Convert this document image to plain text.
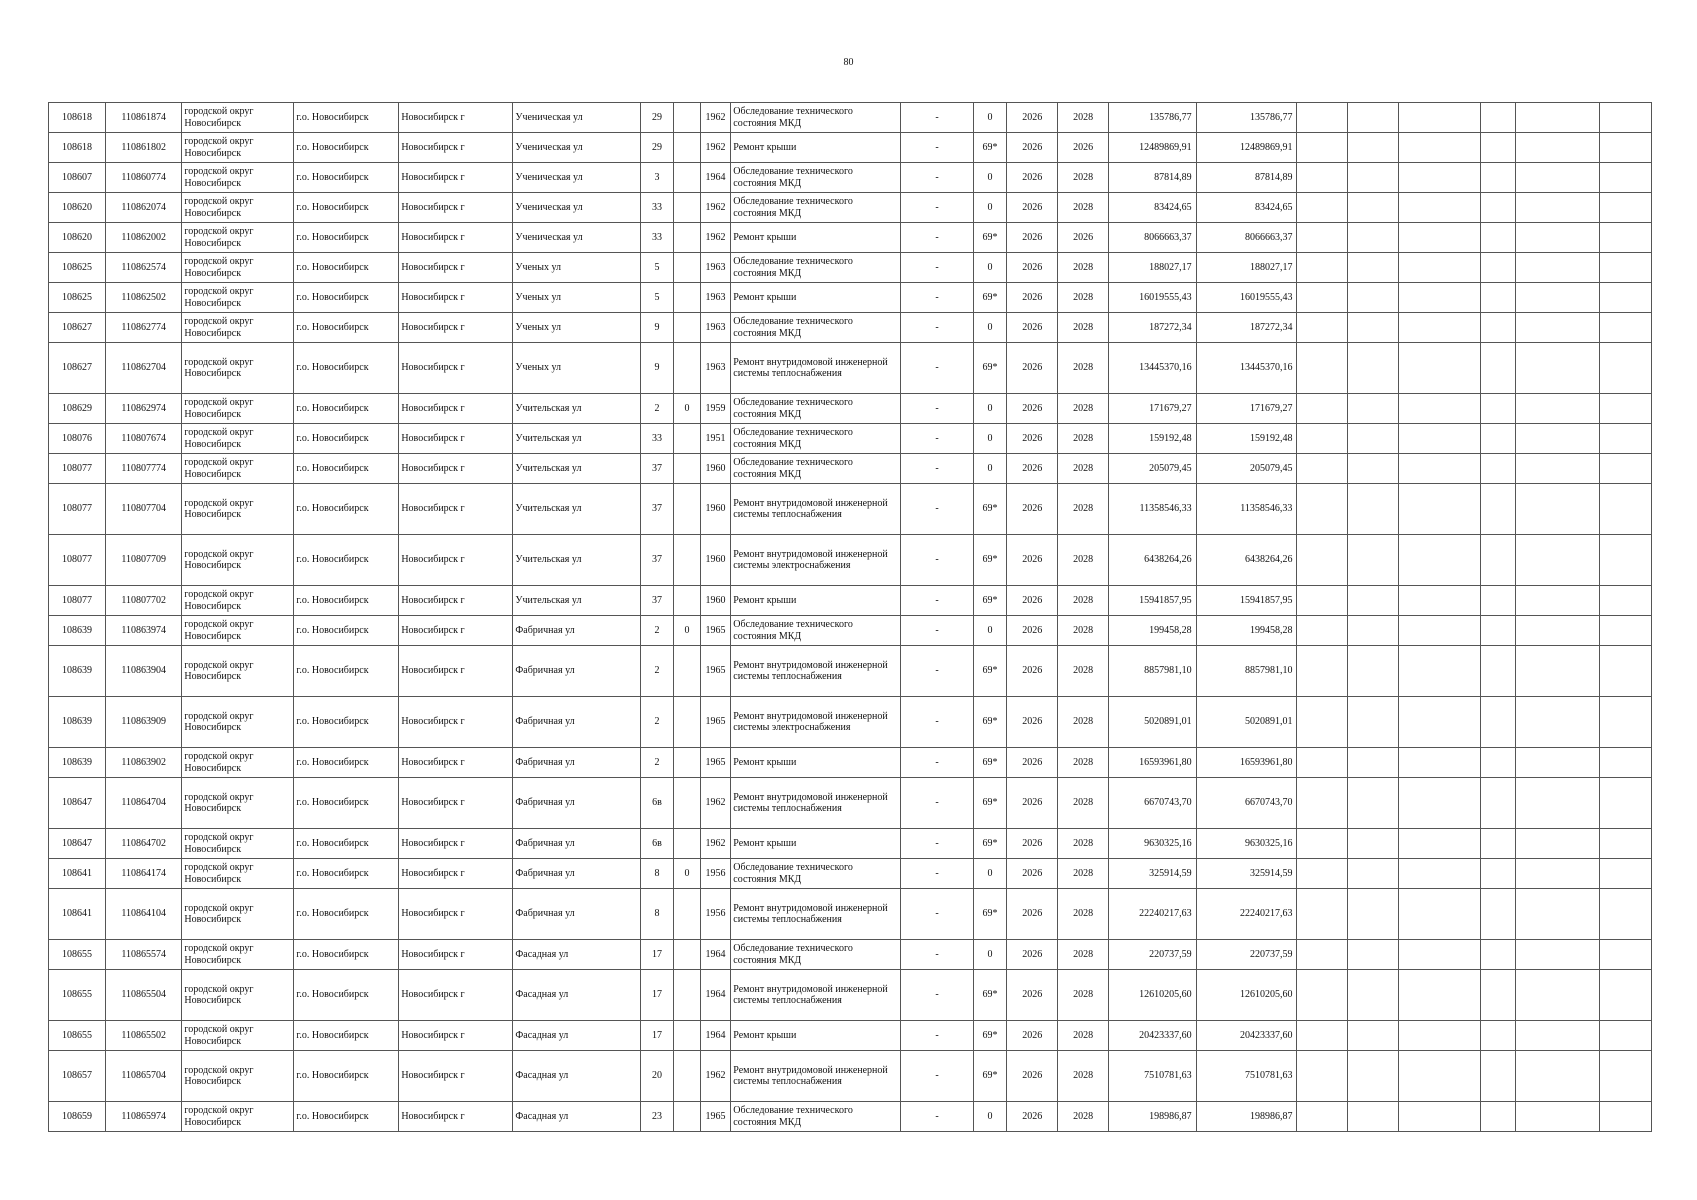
80
108618	110861874	городской округ Новосибирск	г.о. Новосибирск	Новосибирск г	Ученическая ул	29		1962	Обследование технического состояния МКД	-	0	2026	2028	135786,77	135786,77						
108618	110861802	городской округ Новосибирск	г.о. Новосибирск	Новосибирск г	Ученическая ул	29		1962	Ремонт крыши	-	69*	2026	2026	12489869,91	12489869,91						
108607	110860774	городской округ Новосибирск	г.о. Новосибирск	Новосибирск г	Ученическая ул	3		1964	Обследование технического состояния МКД	-	0	2026	2028	87814,89	87814,89						
108620	110862074	городской округ Новосибирск	г.о. Новосибирск	Новосибирск г	Ученическая ул	33		1962	Обследование технического состояния МКД	-	0	2026	2028	83424,65	83424,65						
108620	110862002	городской округ Новосибирск	г.о. Новосибирск	Новосибирск г	Ученическая ул	33		1962	Ремонт крыши	-	69*	2026	2026	8066663,37	8066663,37						
108625	110862574	городской округ Новосибирск	г.о. Новосибирск	Новосибирск г	Ученых ул	5		1963	Обследование технического состояния МКД	-	0	2026	2028	188027,17	188027,17						
108625	110862502	городской округ Новосибирск	г.о. Новосибирск	Новосибирск г	Ученых ул	5		1963	Ремонт крыши	-	69*	2026	2028	16019555,43	16019555,43						
108627	110862774	городской округ Новосибирск	г.о. Новосибирск	Новосибирск г	Ученых ул	9		1963	Обследование технического состояния МКД	-	0	2026	2028	187272,34	187272,34						
108627	110862704	городской округ Новосибирск	г.о. Новосибирск	Новосибирск г	Ученых ул	9		1963	Ремонт внутридомовой инженерной системы теплоснабжения	-	69*	2026	2028	13445370,16	13445370,16						
108629	110862974	городской округ Новосибирск	г.о. Новосибирск	Новосибирск г	Учительская ул	2	0	1959	Обследование технического состояния МКД	-	0	2026	2028	171679,27	171679,27						
108076	110807674	городской округ Новосибирск	г.о. Новосибирск	Новосибирск г	Учительская ул	33		1951	Обследование технического состояния МКД	-	0	2026	2028	159192,48	159192,48						
108077	110807774	городской округ Новосибирск	г.о. Новосибирск	Новосибирск г	Учительская ул	37		1960	Обследование технического состояния МКД	-	0	2026	2028	205079,45	205079,45						
108077	110807704	городской округ Новосибирск	г.о. Новосибирск	Новосибирск г	Учительская ул	37		1960	Ремонт внутридомовой инженерной системы теплоснабжения	-	69*	2026	2028	11358546,33	11358546,33						
108077	110807709	городской округ Новосибирск	г.о. Новосибирск	Новосибирск г	Учительская ул	37		1960	Ремонт внутридомовой инженерной системы электроснабжения	-	69*	2026	2028	6438264,26	6438264,26						
108077	110807702	городской округ Новосибирск	г.о. Новосибирск	Новосибирск г	Учительская ул	37		1960	Ремонт крыши	-	69*	2026	2028	15941857,95	15941857,95						
108639	110863974	городской округ Новосибирск	г.о. Новосибирск	Новосибирск г	Фабричная ул	2	0	1965	Обследование технического состояния МКД	-	0	2026	2028	199458,28	199458,28						
108639	110863904	городской округ Новосибирск	г.о. Новосибирск	Новосибирск г	Фабричная ул	2		1965	Ремонт внутридомовой инженерной системы теплоснабжения	-	69*	2026	2028	8857981,10	8857981,10						
108639	110863909	городской округ Новосибирск	г.о. Новосибирск	Новосибирск г	Фабричная ул	2		1965	Ремонт внутридомовой инженерной системы электроснабжения	-	69*	2026	2028	5020891,01	5020891,01						
108639	110863902	городской округ Новосибирск	г.о. Новосибирск	Новосибирск г	Фабричная ул	2		1965	Ремонт крыши	-	69*	2026	2028	16593961,80	16593961,80						
108647	110864704	городской округ Новосибирск	г.о. Новосибирск	Новосибирск г	Фабричная ул	6в		1962	Ремонт внутридомовой инженерной системы теплоснабжения	-	69*	2026	2028	6670743,70	6670743,70						
108647	110864702	городской округ Новосибирск	г.о. Новосибирск	Новосибирск г	Фабричная ул	6в		1962	Ремонт крыши	-	69*	2026	2028	9630325,16	9630325,16						
108641	110864174	городской округ Новосибирск	г.о. Новосибирск	Новосибирск г	Фабричная ул	8	0	1956	Обследование технического состояния МКД	-	0	2026	2028	325914,59	325914,59						
108641	110864104	городской округ Новосибирск	г.о. Новосибирск	Новосибирск г	Фабричная ул	8		1956	Ремонт внутридомовой инженерной системы теплоснабжения	-	69*	2026	2028	22240217,63	22240217,63						
108655	110865574	городской округ Новосибирск	г.о. Новосибирск	Новосибирск г	Фасадная ул	17		1964	Обследование технического состояния МКД	-	0	2026	2028	220737,59	220737,59						
108655	110865504	городской округ Новосибирск	г.о. Новосибирск	Новосибирск г	Фасадная ул	17		1964	Ремонт внутридомовой инженерной системы теплоснабжения	-	69*	2026	2028	12610205,60	12610205,60						
108655	110865502	городской округ Новосибирск	г.о. Новосибирск	Новосибирск г	Фасадная ул	17		1964	Ремонт крыши	-	69*	2026	2028	20423337,60	20423337,60						
108657	110865704	городской округ Новосибирск	г.о. Новосибирск	Новосибирск г	Фасадная ул	20		1962	Ремонт внутридомовой инженерной системы теплоснабжения	-	69*	2026	2028	7510781,63	7510781,63						
108659	110865974	городской округ Новосибирск	г.о. Новосибирск	Новосибирск г	Фасадная ул	23		1965	Обследование технического состояния МКД	-	0	2026	2028	198986,87	198986,87						
